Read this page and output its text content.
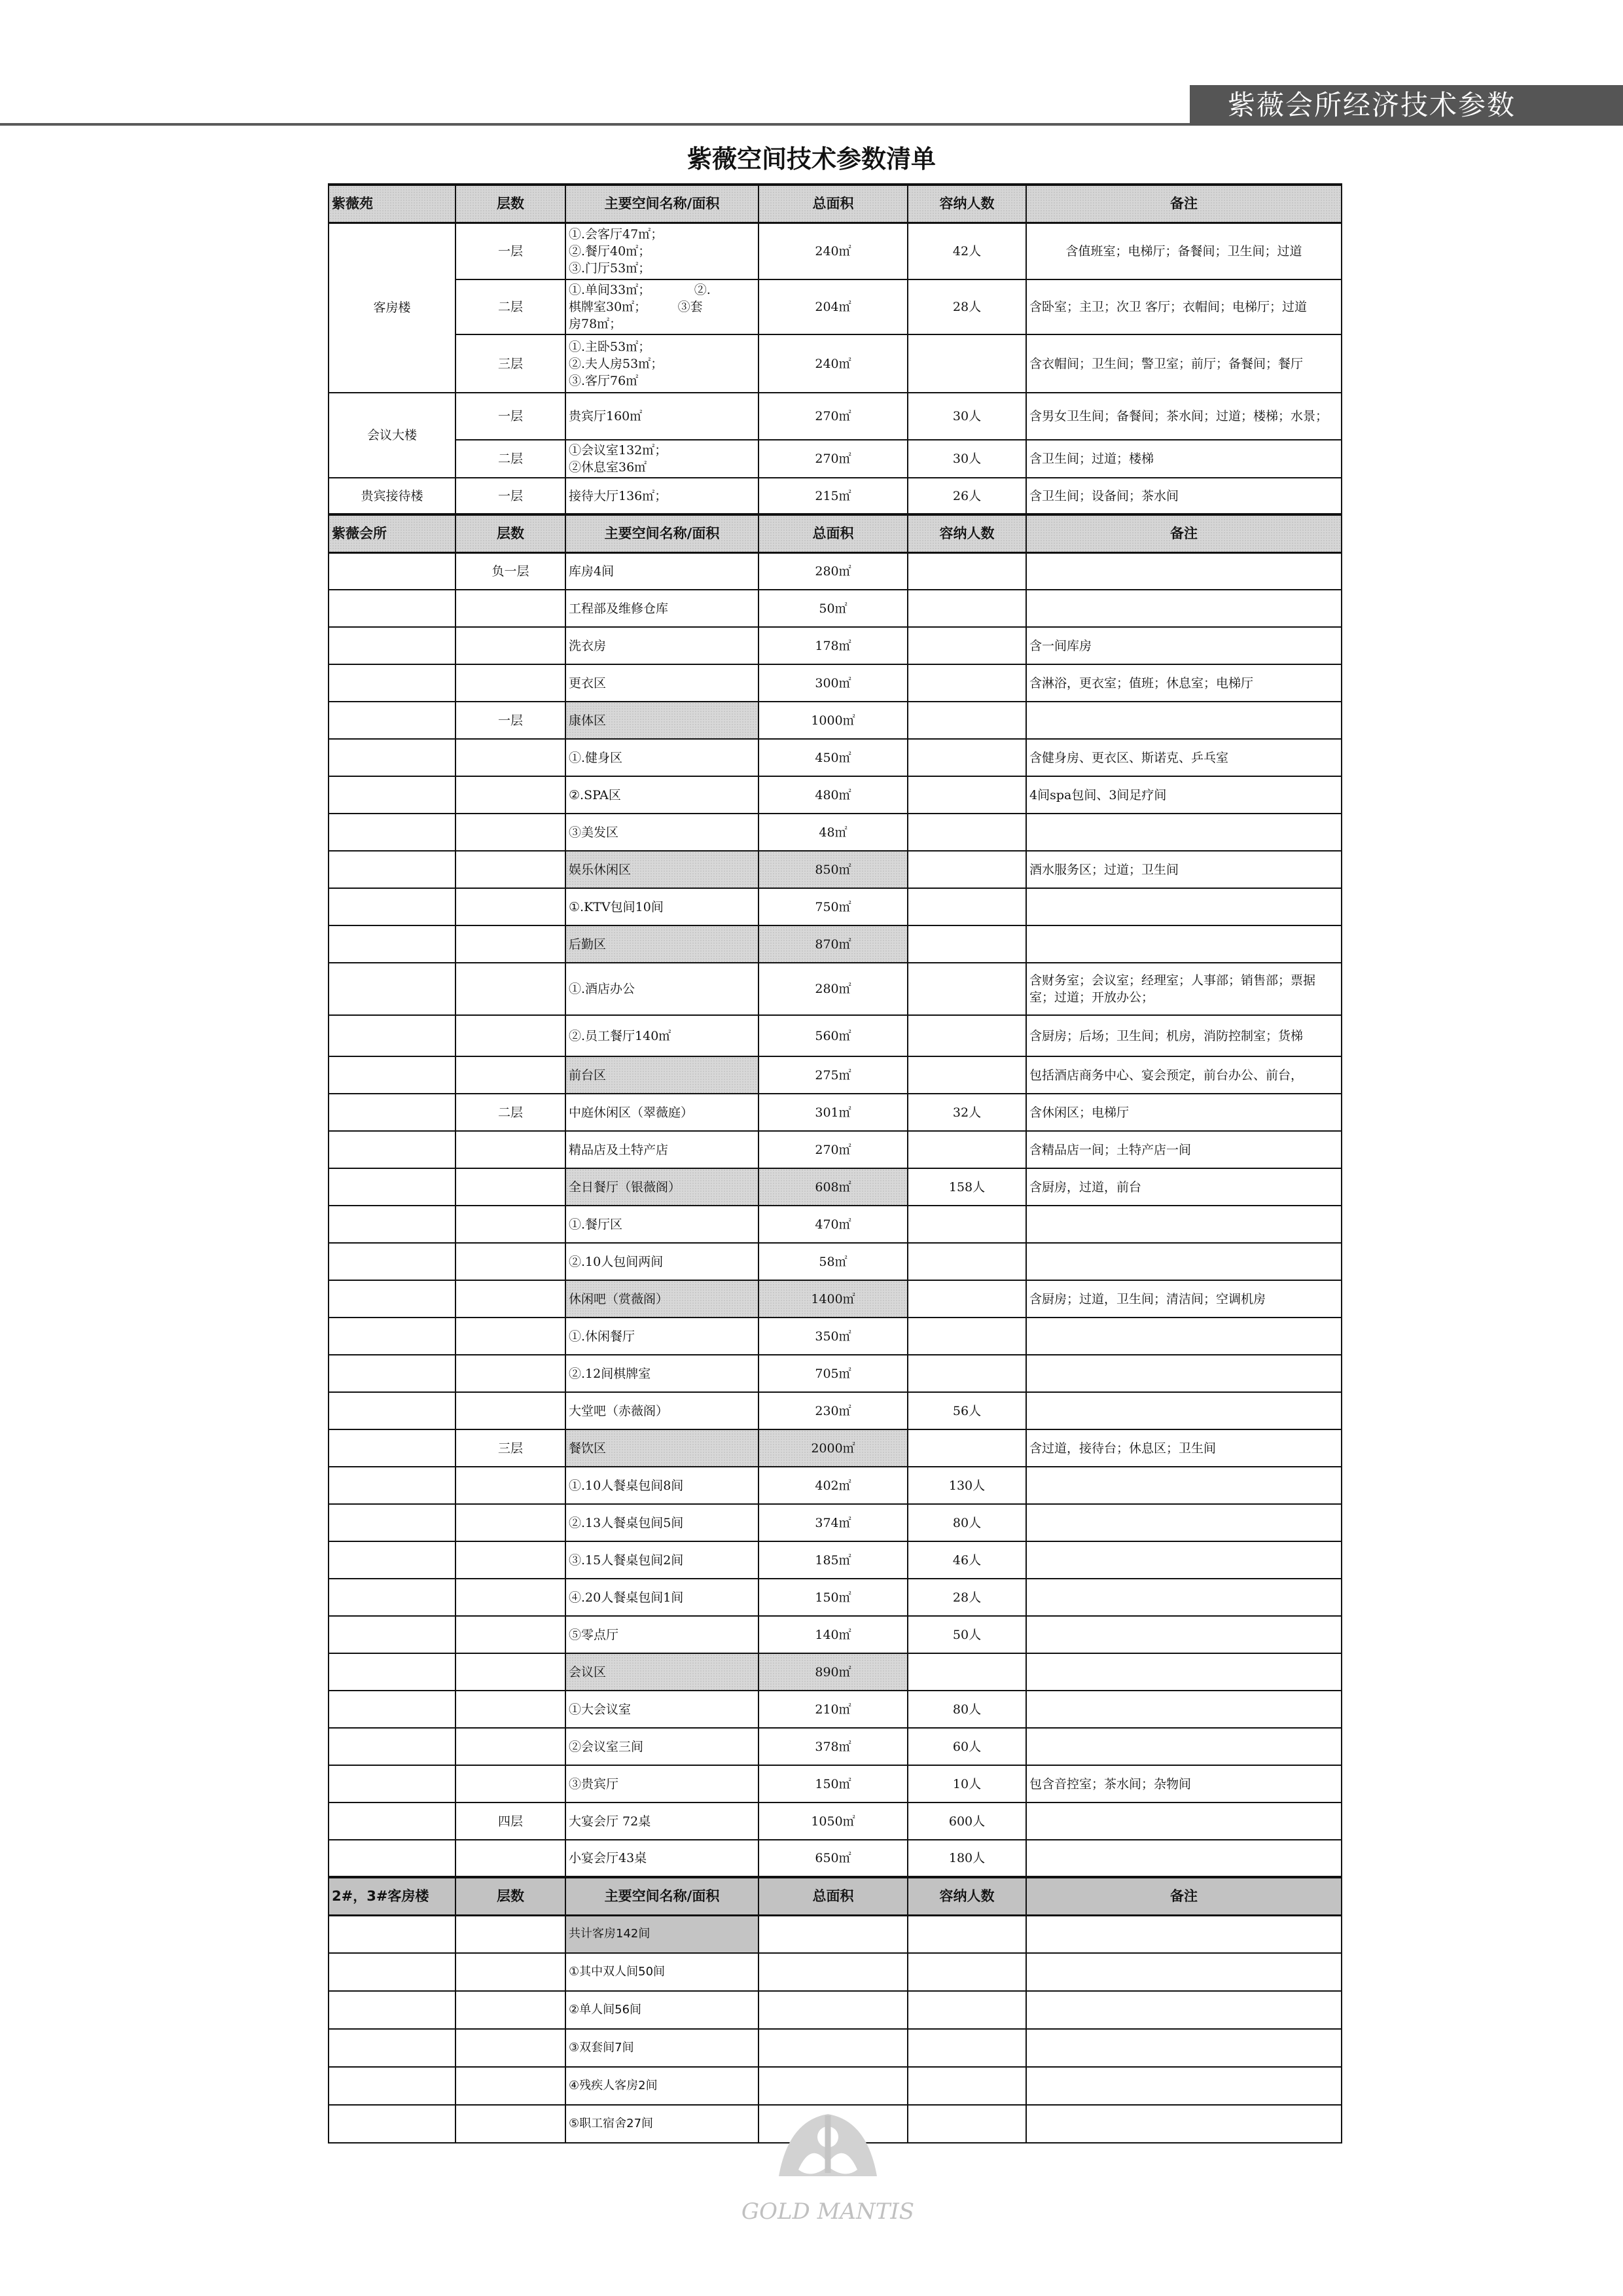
紫薇会所经济技术参数
紫薇空间技术参数清单
紫薇苑	层数	主要空间名称/面积	总面积	容纳人数	备注
客房楼	一层	①.会客厅47㎡；
②.餐厅40㎡；
③.门厅53㎡；	240㎡	42人	含值班室；电梯厅；备餐间；卫生间；过道
	二层	①.单间33㎡；　　　　②.
棋牌室30㎡；　　　③套
房78㎡；	204㎡	28人	含卧室；主卫；次卫 客厅；衣帽间；电梯厅；过道
	三层	①.主卧53㎡；
②.夫人房53㎡；
③.客厅76㎡	240㎡		含衣帽间；卫生间；警卫室；前厅；备餐间；餐厅
会议大楼	一层	贵宾厅160㎡	270㎡	30人	含男女卫生间；备餐间；茶水间；过道；楼梯；水景；
	二层	①会议室132㎡；
②休息室36㎡	270㎡	30人	含卫生间；过道；楼梯
贵宾接待楼	一层	接待大厅136㎡；	215㎡	26人	含卫生间；设备间；茶水间
紫薇会所	层数	主要空间名称/面积	总面积	容纳人数	备注
	负一层	库房4间	280㎡		
		工程部及维修仓库	50㎡		
		洗衣房	178㎡		含一间库房
		更衣区	300㎡		含淋浴，更衣室；值班；休息室；电梯厅
	一层	康体区	1000㎡		
		①.健身区	450㎡		含健身房、更衣区、斯诺克、乒乓室
		②.SPA区	480㎡		4间spa包间、3间足疗间
		③美发区	48㎡		
		娱乐休闲区	850㎡		酒水服务区；过道；卫生间
		①.KTV包间10间	750㎡		
		后勤区	870㎡		
		①.酒店办公	280㎡		含财务室；会议室；经理室；人事部；销售部；票据室；过道；开放办公；
		②.员工餐厅140㎡	560㎡		含厨房；后场；卫生间；机房，消防控制室；货梯
		前台区	275㎡		包括酒店商务中心、宴会预定，前台办公、前台，
	二层	中庭休闲区（翠薇庭）	301㎡	32人	含休闲区；电梯厅
		精品店及土特产店	270㎡		含精品店一间；土特产店一间
		全日餐厅（银薇阁）	608㎡	158人	含厨房，过道，前台
		①.餐厅区	470㎡		
		②.10人包间两间	58㎡		
		休闲吧（赏薇阁）	1400㎡		含厨房；过道，卫生间；清洁间；空调机房
		①.休闲餐厅	350㎡		
		②.12间棋牌室	705㎡		
		大堂吧（赤薇阁）	230㎡	56人	
	三层	餐饮区	2000㎡		含过道，接待台；休息区；卫生间
		①.10人餐桌包间8间	402㎡	130人	
		②.13人餐桌包间5间	374㎡	80人	
		③.15人餐桌包间2间	185㎡	46人	
		④.20人餐桌包间1间	150㎡	28人	
		⑤零点厅	140㎡	50人	
		会议区	890㎡		
		①大会议室	210㎡	80人	
		②会议室三间	378㎡	60人	
		③贵宾厅	150㎡	10人	包含音控室；茶水间；杂物间
	四层	大宴会厅 72桌	1050㎡	600人	
		小宴会厅43桌	650㎡	180人	
2#，3#客房楼	层数	主要空间名称/面积	总面积	容纳人数	备注
		共计客房142间			
		①其中双人间50间			
		②单人间56间			
		③双套间7间			
		④残疾人客房2间			
		⑤职工宿舍27间			
GOLD MANTIS
